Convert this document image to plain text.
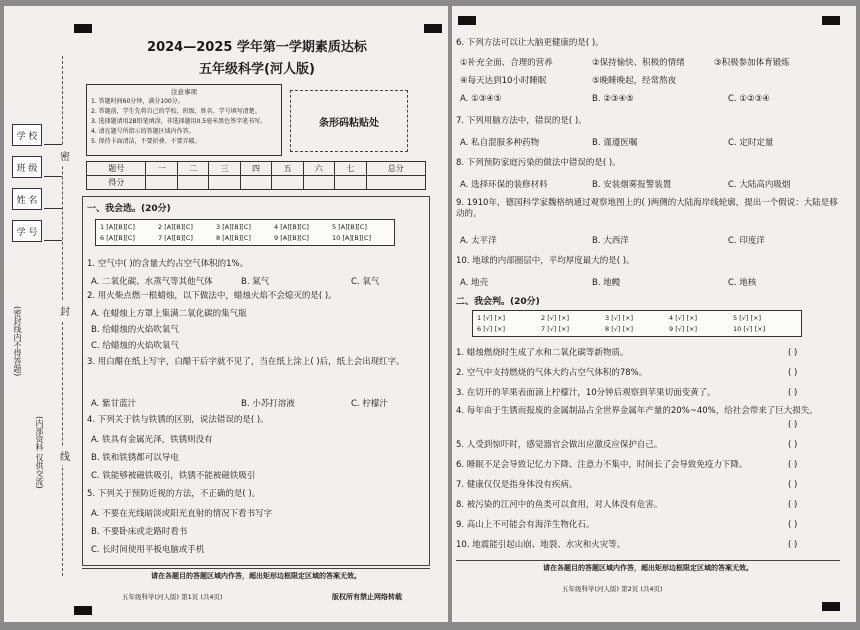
学 校
班 级
姓 名
学 号
密
封
线
(密封线内不得答题)
(内部资料 仅供交流)
2024—2025 学年第一学期素质达标
五年级科学(河人版)
注意事项
1. 答题时间60分钟，满分100分。
2. 答题前，学生先将自己的学校、班级、姓名、学号填写清楚。
3. 选择题请用2B铅笔填涂，非选择题用0.5毫米黑色签字笔书写。
4. 请在题号所指示的答题区域内作答。
5. 保持卡面清洁，不要折叠、不要弄破。
条形码粘贴处
题号	一	二	三	四	五	六	七	总分
得分								
一、我会选。(20分)
1 [A][B][C]	2 [A][B][C]	3 [A][B][C]	4 [A][B][C]	5 [A][B][C]
6 [A][B][C]	7 [A][B][C]	8 [A][B][C]	9 [A][B][C]	10 [A][B][C]
1. 空气中( )的含量大约占空气体积的1%。
A. 二氧化碳、水蒸气等其他气体	B. 氮气	C. 氧气
2. 用火柴点燃一根蜡烛，以下做法中，蜡烛火焰不会熄灭的是( )。
A. 在蜡烛上方罩上集满二氧化碳的集气瓶
B. 给蜡烛的火焰吹氧气
C. 给蜡烛的火焰吹氧气
3. 用白醋在纸上写字，白醋干后字就不见了，当在纸上涂上( )后，纸上会出现红字。
A. 紫甘蓝汁	B. 小苏打溶液	C. 柠檬汁
4. 下列关于铁与铁锈的区别，说法错误的是( )。
A. 铁具有金属光泽，铁锈则没有
B. 铁和铁锈都可以导电
C. 铁能够被磁铁吸引，铁锈不能被磁铁吸引
5. 下列关于预防近视的方法，不正确的是( )。
A. 不要在光线暗淡或阳光直射的情况下看书写字
B. 不要卧床或走路时看书
C. 长时间使用平板电脑或手机
请在各题目的答题区域内作答，超出矩形边框限定区域的答案无效。
五年级科学(河人版) 第1页 (共4页)	版权所有禁止网络转载
6. 下列方法可以让大脑更健康的是( )。
①补充全面、合理的营养	②保持愉快、积极的情绪	③积极参加体育锻炼
④每天达到10小时睡眠	⑤晚睡晚起，经常熬夜
A. ①③④⑤	B. ②③④⑤	C. ①②③④
7. 下列用脑方法中，错误的是( )。
A. 私自混服多种药物	B. 谨遵医嘱	C. 定时定量
8. 下列预防家庭污染的做法中错误的是( )。
A. 选择环保的装修材料	B. 安装烟雾报警装置	C. 大陆高内吸烟
9. 1910年，德国科学家魏格纳通过观察地图上的( )两侧的大陆海岸线轮廓，提出一个假说：大陆是移动的。
A. 太平洋	B. 大西洋	C. 印度洋
10. 地球的内部圈层中，平均厚度最大的是( )。
A. 地壳	B. 地幔	C. 地核
二、我会判。(20分)
1 [√] [×]	2 [√] [×]	3 [√] [×]	4 [√] [×]	5 [√] [×]
6 [√] [×]	7 [√] [×]	8 [√] [×]	9 [√] [×]	10 [√] [×]
1. 蜡烛燃烧时生成了水和二氧化碳等新物质。	( )
2. 空气中支持燃烧的气体大约占空气体积的78%。	( )
3. 在切开的苹果表面滴上柠檬汁，10分钟后观察到苹果切面变黄了。	( )
4. 每年由于生锈而报废的金属制品占全世界金属年产量的20%~40%，给社会带来了巨大损失。
( )
5. 人受到惊吓时，感觉器官会做出应激反应保护自己。	( )
6. 睡眠不足会导致记忆力下降、注意力不集中，时间长了会导致免疫力下降。	( )
7. 健康仅仅是指身体没有疾病。	( )
8. 被污染的江河中的鱼类可以食用，对人体没有危害。	( )
9. 高山上不可能会有海洋生物化石。	( )
10. 地震能引起山崩、地裂、水灾和火灾等。	( )
请在各题目的答题区域内作答，超出矩形边框限定区域的答案无效。
五年级科学(河人版) 第2页 (共4页)
